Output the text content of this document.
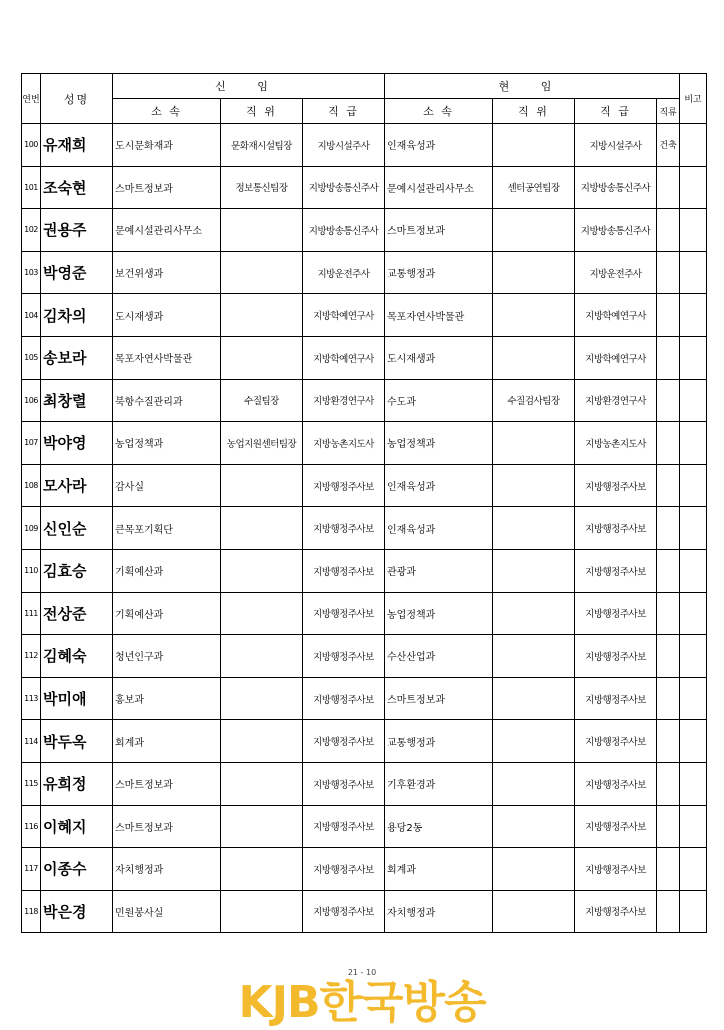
연번	성명	신 임			현 임				비고
		소 속	직 위	직 급	소 속	직 위	직 급	직류	
100	유재희	도시문화재과	문화재시설팀장	지방시설주사	인재육성과		지방시설주사	건축	
101	조숙현	스마트정보과	정보통신팀장	지방방송통신주사	문예시설관리사무소	센터공연팀장	지방방송통신주사		
102	권용주	문예시설관리사무소		지방방송통신주사	스마트정보과		지방방송통신주사		
103	박영준	보건위생과		지방운전주사	교통행정과		지방운전주사		
104	김차의	도시재생과		지방학예연구사	목포자연사박물관		지방학예연구사		
105	송보라	목포자연사박물관		지방학예연구사	도시재생과		지방학예연구사		
106	최창렬	북항수질관리과	수질팀장	지방환경연구사	수도과	수질검사팀장	지방환경연구사		
107	박야영	농업정책과	농업지원센터팀장	지방농촌지도사	농업정책과		지방농촌지도사		
108	모사라	감사실		지방행정주사보	인재육성과		지방행정주사보		
109	신인순	큰목포기획단		지방행정주사보	인재육성과		지방행정주사보		
110	김효승	기획예산과		지방행정주사보	관광과		지방행정주사보		
111	전상준	기획예산과		지방행정주사보	농업정책과		지방행정주사보		
112	김혜숙	청년인구과		지방행정주사보	수산산업과		지방행정주사보		
113	박미애	홍보과		지방행정주사보	스마트정보과		지방행정주사보		
114	박두옥	회계과		지방행정주사보	교통행정과		지방행정주사보		
115	유희정	스마트정보과		지방행정주사보	기후환경과		지방행정주사보		
116	이혜지	스마트정보과		지방행정주사보	용당2동		지방행정주사보		
117	이종수	자치행정과		지방행정주사보	회계과		지방행정주사보		
118	박은경	민원봉사실		지방행정주사보	자치행정과		지방행정주사보		
21 - 10
KJB한국방송
